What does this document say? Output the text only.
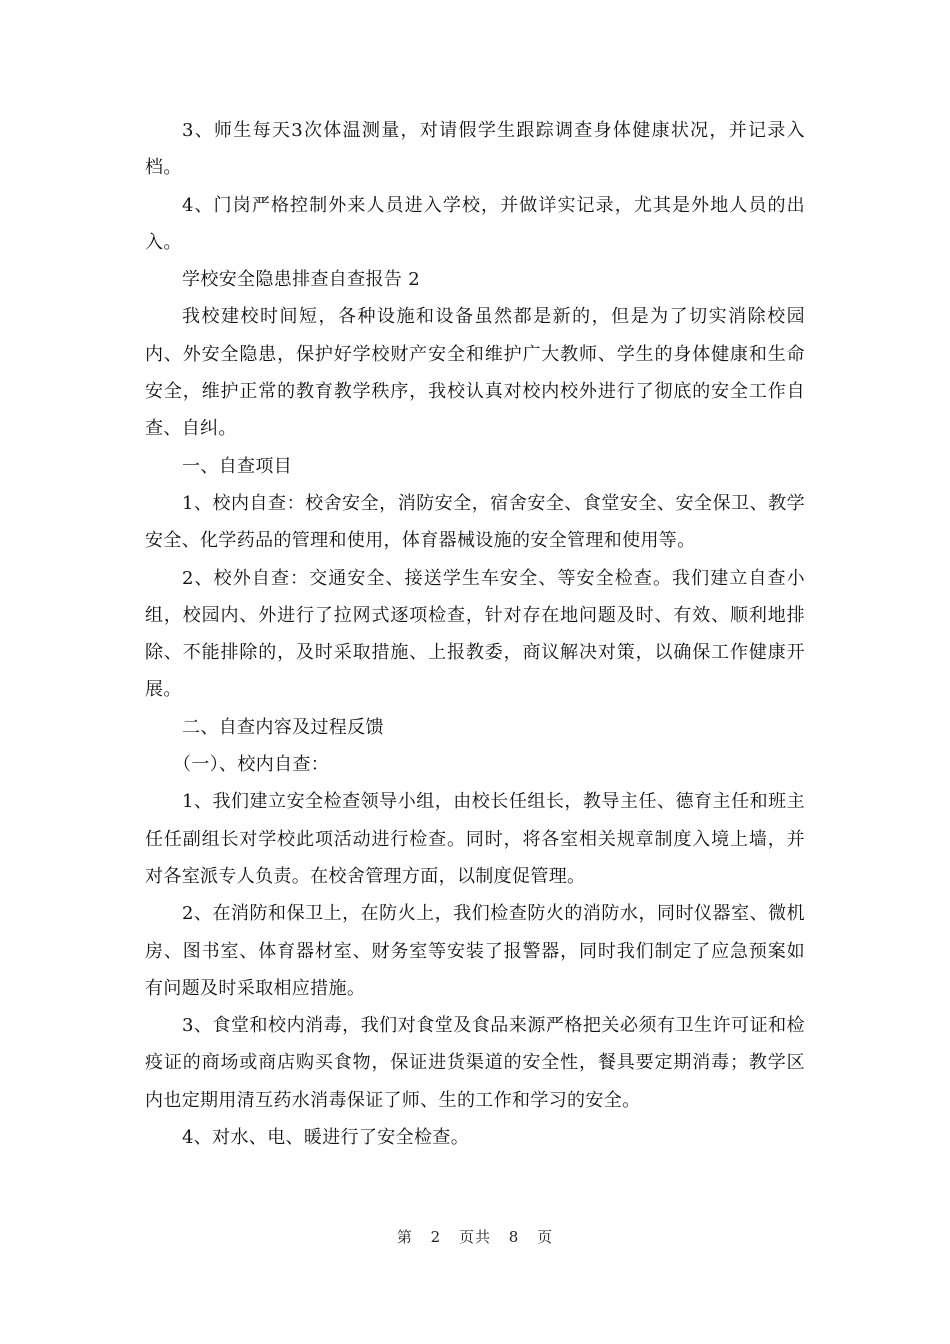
3、师生每天3次体温测量，对请假学生跟踪调查身体健康状况，并记录入档。

4、门岗严格控制外来人员进入学校，并做详实记录，尤其是外地人员的出入。

学校安全隐患排查自查报告 2

我校建校时间短，各种设施和设备虽然都是新的，但是为了切实消除校园内、外安全隐患，保护好学校财产安全和维护广大教师、学生的身体健康和生命安全，维护正常的教育教学秩序，我校认真对校内校外进行了彻底的安全工作自查、自纠。

一、自查项目

1、校内自查：校舍安全，消防安全，宿舍安全、食堂安全、安全保卫、教学安全、化学药品的管理和使用，体育器械设施的安全管理和使用等。

2、校外自查：交通安全、接送学生车安全、等安全检查。我们建立自查小组，校园内、外进行了拉网式逐项检查，针对存在地问题及时、有效、顺利地排除、不能排除的，及时采取措施、上报教委，商议解决对策，以确保工作健康开展。

二、自查内容及过程反馈

（一）、校内自查：

1、我们建立安全检查领导小组，由校长任组长，教导主任、德育主任和班主任任副组长对学校此项活动进行检查。同时，将各室相关规章制度入境上墙，并对各室派专人负责。在校舍管理方面，以制度促管理。

2、在消防和保卫上，在防火上，我们检查防火的消防水，同时仪器室、微机房、图书室、体育器材室、财务室等安装了报警器，同时我们制定了应急预案如有问题及时采取相应措施。

3、食堂和校内消毒，我们对食堂及食品来源严格把关必须有卫生许可证和检疫证的商场或商店购买食物，保证进货渠道的安全性，餐具要定期消毒；教学区内也定期用清互药水消毒保证了师、生的工作和学习的安全。

4、对水、电、暖进行了安全检查。

第 2 页共 8 页
